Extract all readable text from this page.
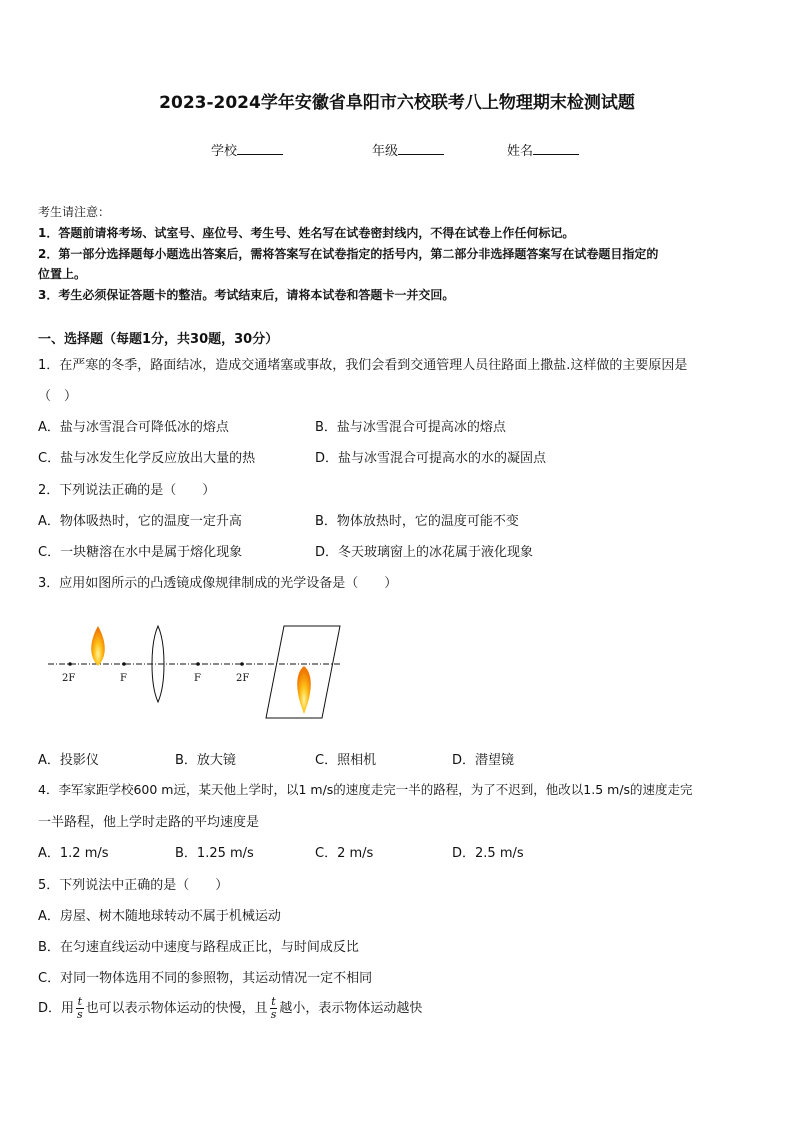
2023-2024学年安徽省阜阳市六校联考八上物理期末检测试题
学校	年级	姓名
考生请注意：
1．答题前请将考场、试室号、座位号、考生号、姓名写在试卷密封线内，不得在试卷上作任何标记。
2．第一部分选择题每小题选出答案后，需将答案写在试卷指定的括号内，第二部分非选择题答案写在试卷题目指定的
位置上。
3．考生必须保证答题卡的整洁。考试结束后，请将本试卷和答题卡一并交回。
一、选择题（每题1分，共30题，30分）
1．在严寒的冬季，路面结冰，造成交通堵塞或事故，我们会看到交通管理人员往路面上撒盐.这样做的主要原因是
（　）
A．盐与冰雪混合可降低冰的熔点	B．盐与冰雪混合可提高冰的熔点
C．盐与冰发生化学反应放出大量的热	D．盐与冰雪混合可提高水的水的凝固点
2．下列说法正确的是（　　）
A．物体吸热时，它的温度一定升高	B．物体放热时，它的温度可能不变
C．一块糖溶在水中是属于熔化现象	D．冬天玻璃窗上的冰花属于液化现象
3．应用如图所示的凸透镜成像规律制成的光学设备是（　　）
2F	F	F	2F
A．投影仪	B．放大镜	C．照相机	D．潜望镜
4．李军家距学校600 m远，某天他上学时，以1 m/s的速度走完一半的路程，为了不迟到，他改以1.5 m/s的速度走完
一半路程，他上学时走路的平均速度是
A．1.2 m/s	B．1.25 m/s	C．2 m/s	D．2.5 m/s
5．下列说法中正确的是（　　）
A．房屋、树木随地球转动不属于机械运动
B．在匀速直线运动中速度与路程成正比，与时间成反比
C．对同一物体选用不同的参照物，其运动情况一定不相同
D．用 $\frac{t}{s}$ 也可以表示物体运动的快慢，且 $\frac{t}{s}$ 越小，表示物体运动越快
